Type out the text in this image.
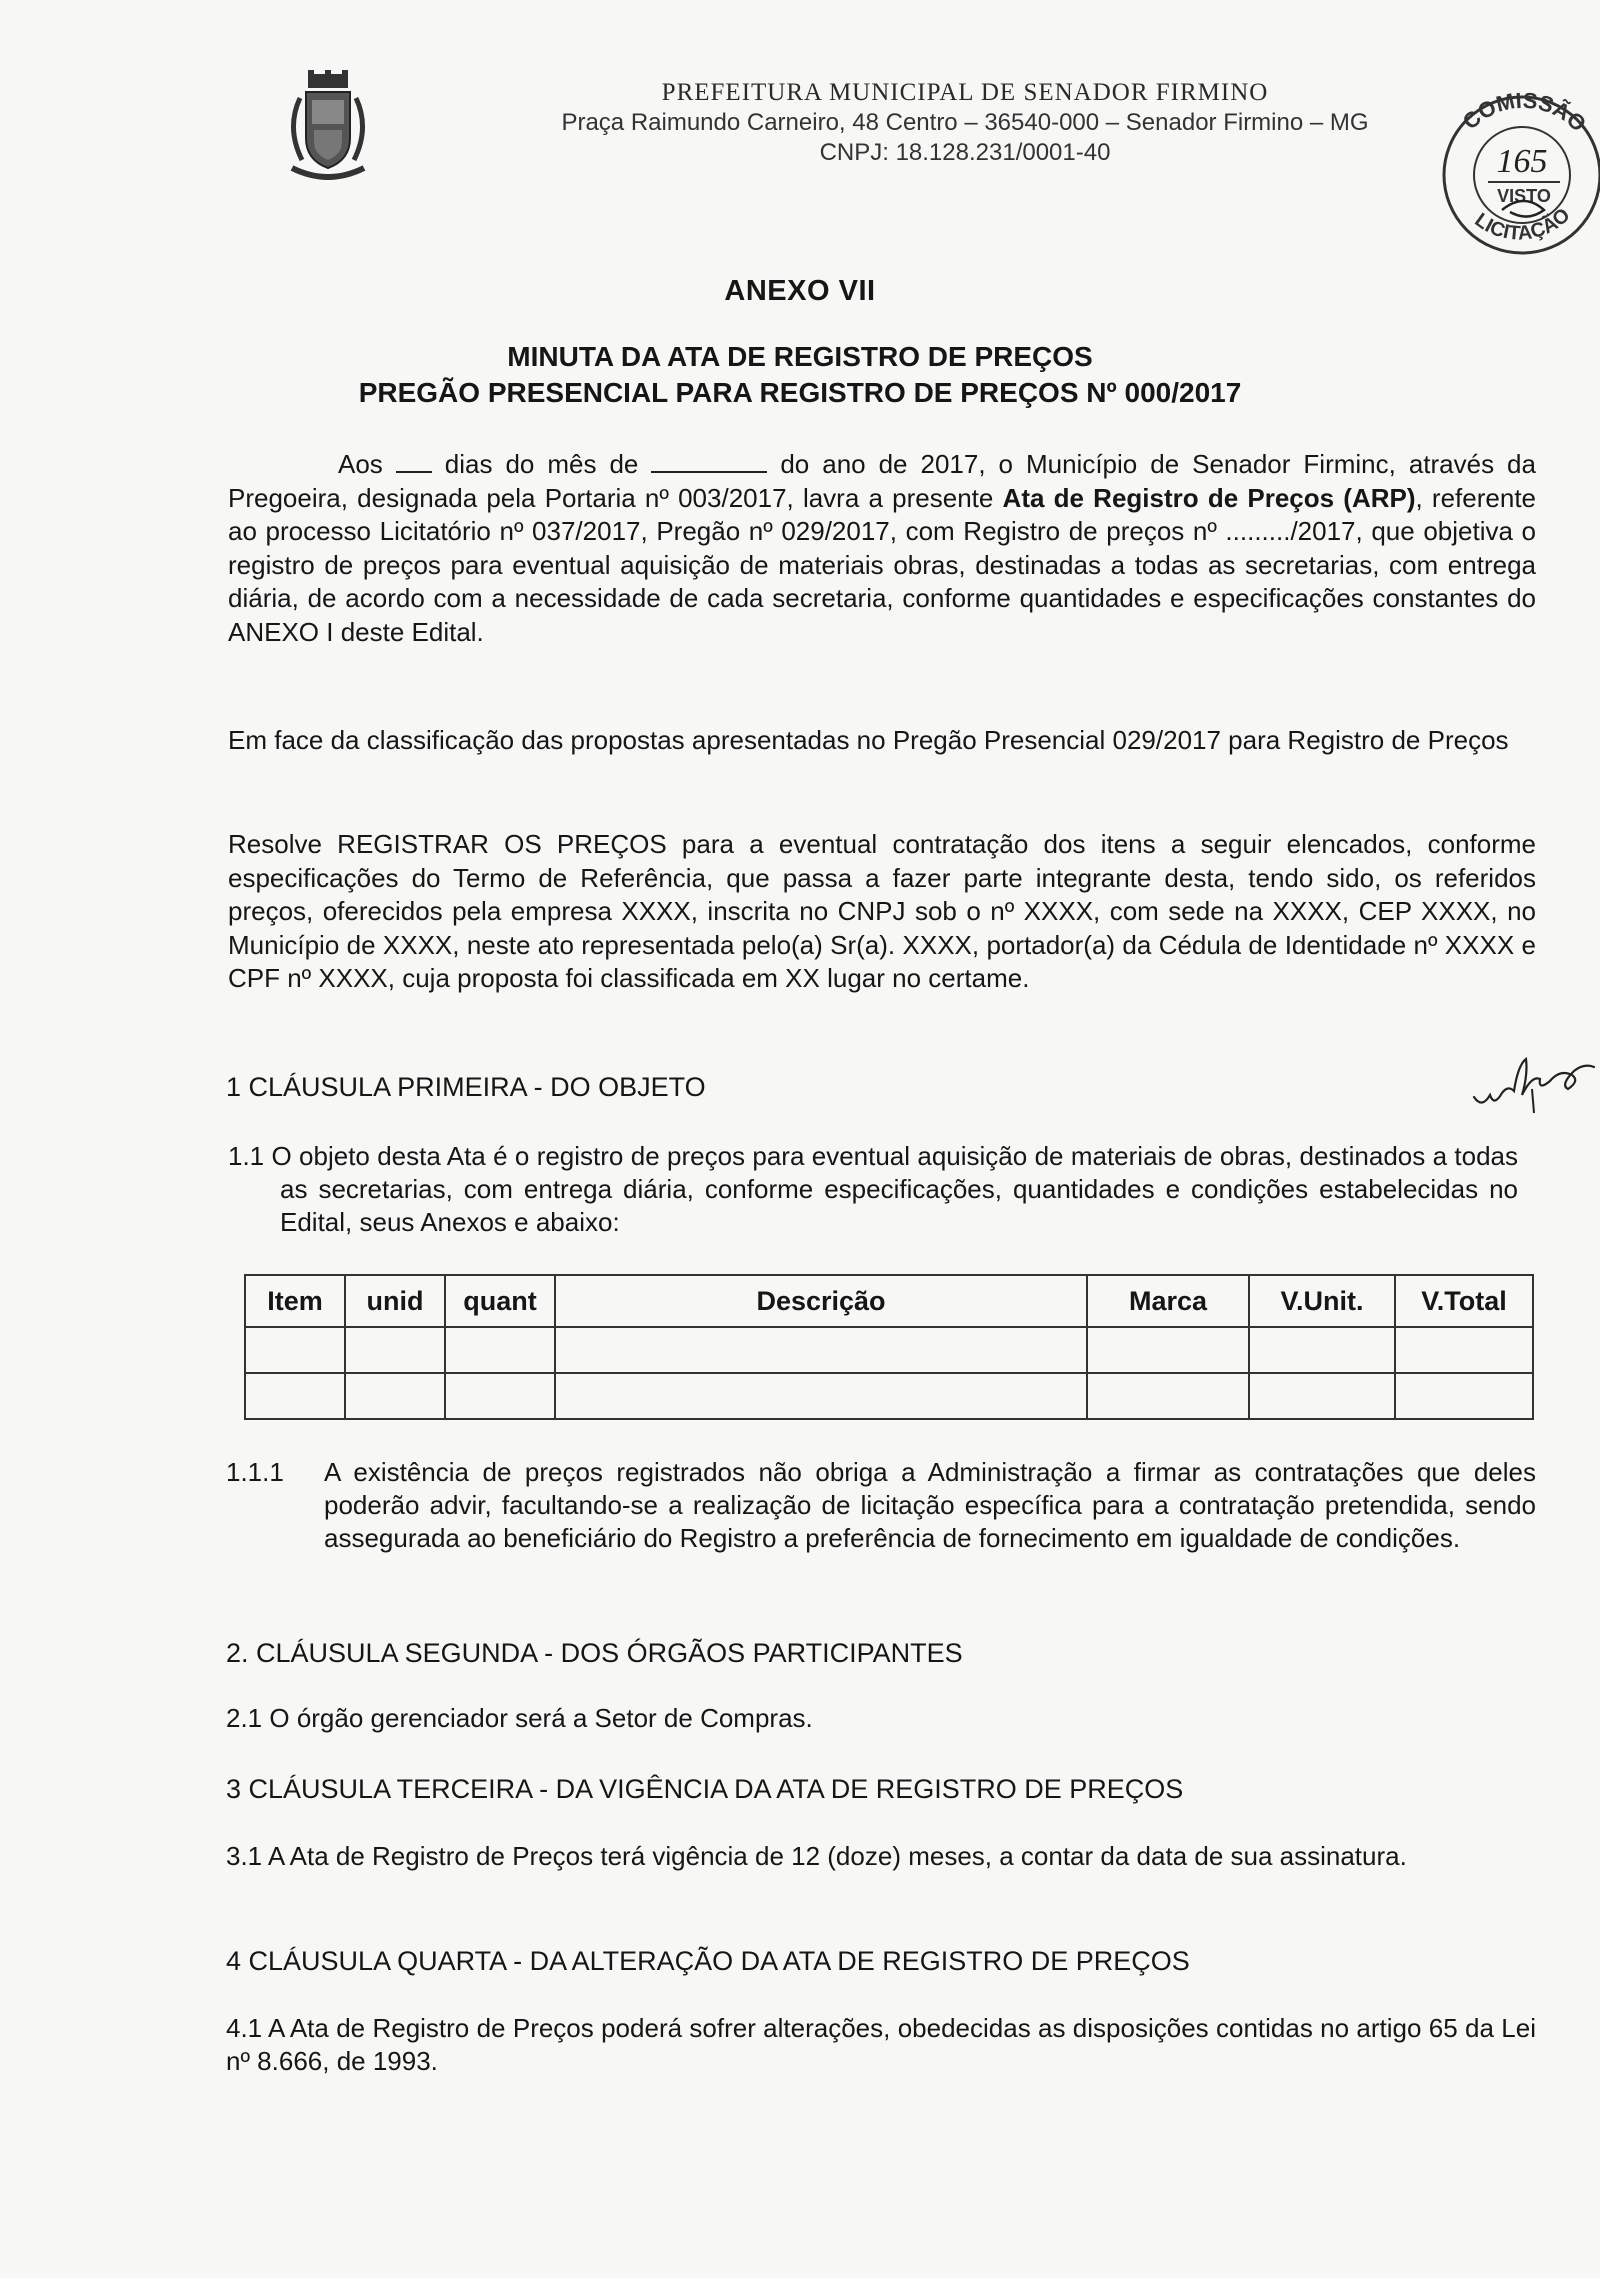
PREFEITURA MUNICIPAL DE SENADOR FIRMINO

Praça Raimundo Carneiro, 48 Centro – 36540-000 – Senador Firmino – MG

CNPJ: 18.128.231/0001-40

COMISSÃO
165
VISTO
LICITAÇÃO

ANEXO VII

MINUTA DA ATA DE REGISTRO DE PREÇOS

PREGÃO PRESENCIAL PARA REGISTRO DE PREÇOS Nº 000/2017

Aos dias do mês de	do ano de 2017, o Município de Senador Firminc, através da Pregoeira, designada pela Portaria nº 003/2017, lavra a presente Ata de Registro de Preços (ARP), referente ao processo Licitatório nº 037/2017, Pregão nº 029/2017, com Registro de preços nº ........./2017, que objetiva o registro de preços para eventual aquisição de materiais obras, destinadas a todas as secretarias, com entrega diária, de acordo com a necessidade de cada secretaria, conforme quantidades e especificações constantes do ANEXO I deste Edital.

Em face da classificação das propostas apresentadas no Pregão Presencial 029/2017 para Registro de Preços

Resolve REGISTRAR OS PREÇOS para a eventual contratação dos itens a seguir elencados, conforme especificações do Termo de Referência, que passa a fazer parte integrante desta, tendo sido, os referidos preços, oferecidos pela empresa XXXX, inscrita no CNPJ sob o nº XXXX, com sede na XXXX, CEP XXXX, no Município de XXXX, neste ato representada pelo(a) Sr(a). XXXX, portador(a) da Cédula de Identidade nº XXXX e CPF nº XXXX, cuja proposta foi classificada em XX lugar no certame.

1 CLÁUSULA PRIMEIRA - DO OBJETO

1.1 O objeto desta Ata é o registro de preços para eventual aquisição de materiais de obras, destinados a todas as secretarias, com entrega diária, conforme especificações, quantidades e condições estabelecidas no Edital, seus Anexos e abaixo:

Item	unid	quant	Descrição	Marca	V.Unit.	V.Total

1.1.1 A existência de preços registrados não obriga a Administração a firmar as contratações que deles poderão advir, facultando-se a realização de licitação específica para a contratação pretendida, sendo assegurada ao beneficiário do Registro a preferência de fornecimento em igualdade de condições.

2. CLÁUSULA SEGUNDA - DOS ÓRGÃOS PARTICIPANTES

2.1 O órgão gerenciador será a Setor de Compras.

3 CLÁUSULA TERCEIRA - DA VIGÊNCIA DA ATA DE REGISTRO DE PREÇOS

3.1 A Ata de Registro de Preços terá vigência de 12 (doze) meses, a contar da data de sua assinatura.

4 CLÁUSULA QUARTA - DA ALTERAÇÃO DA ATA DE REGISTRO DE PREÇOS

4.1 A Ata de Registro de Preços poderá sofrer alterações, obedecidas as disposições contidas no artigo 65 da Lei nº 8.666, de 1993.
